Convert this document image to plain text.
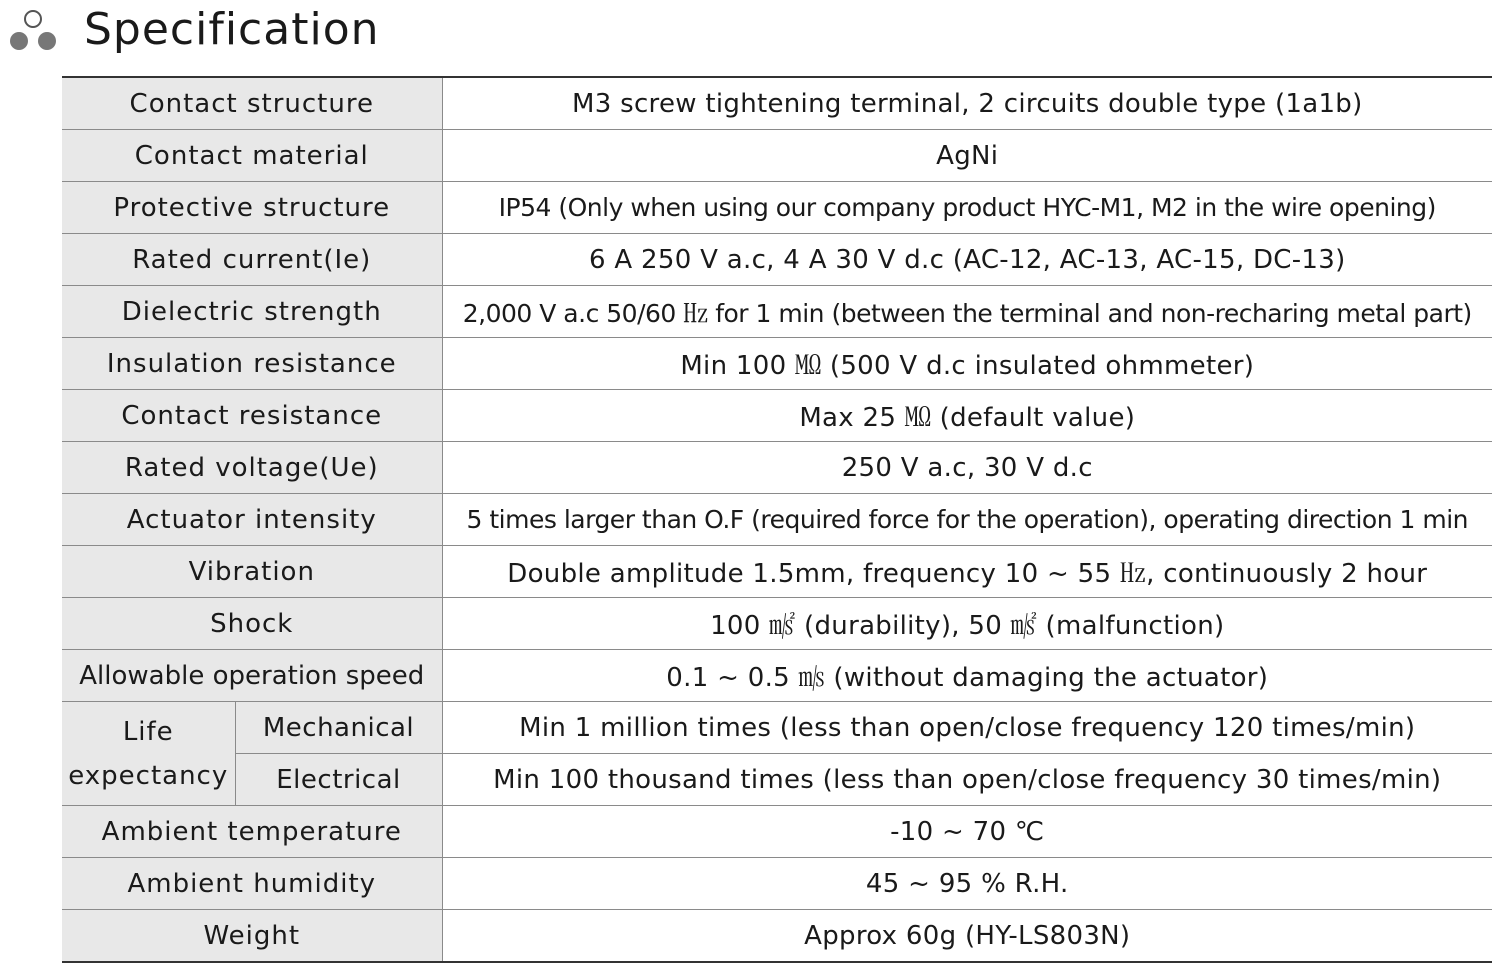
Specification
Contact structure		M3 screw tightening terminal, 2 circuits double type (1a1b)
Contact material		AgNi
Protective structure		IP54 (Only when using our company product HYC-M1, M2 in the wire opening)
Rated current(Ie)		6 A 250 V a.c, 4 A 30 V d.c (AC-12, AC-13, AC-15, DC-13)
Dielectric strength		2,000 V a.c 50/60 ㎐ for 1 min (between the terminal and non-recharing metal part)
Insulation resistance		Min 100 ㏁ (500 V d.c insulated ohmmeter)
Contact resistance		Max 25 ㏁ (default value)
Rated voltage(Ue)		250 V a.c, 30 V d.c
Actuator intensity		5 times larger than O.F (required force for the operation), operating direction 1 min
Vibration		Double amplitude 1.5mm, frequency 10 ~ 55 ㎐, continuously 2 hour
Shock		100 ㎨ (durability), 50 ㎨ (malfunction)
Allowable operation speed		0.1 ~ 0.5 ㎧ (without damaging the actuator)

Life
expectancy	Mechanical	Min 1 million times (less than open/close frequency 120 times/min)
	Electrical	Min 100 thousand times (less than open/close frequency 30 times/min)
Ambient temperature		-10 ~ 70 ℃
Ambient humidity		45 ~ 95 % R.H.
Weight		Approx 60g (HY-LS803N)
